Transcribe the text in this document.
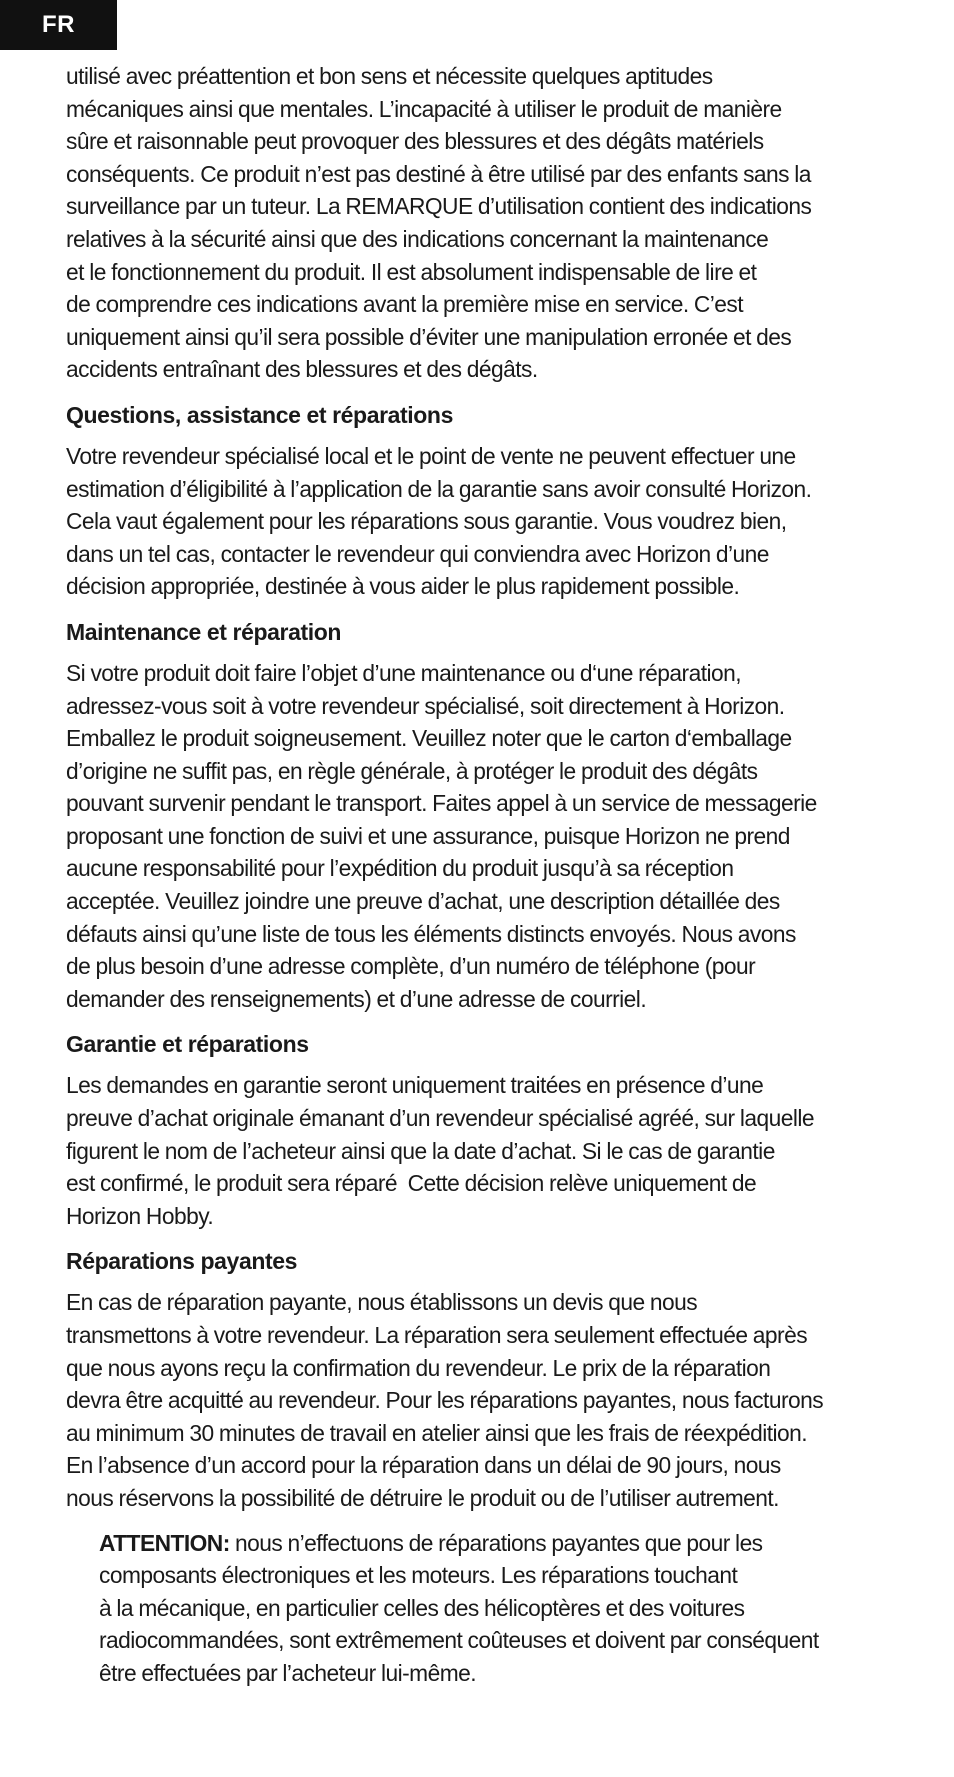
FR

utilisé avec préattention et bon sens et nécessite quelques aptitudes
mécaniques ainsi que mentales. L’incapacité à utiliser le produit de manière
sûre et raisonnable peut provoquer des blessures et des dégâts matériels
conséquents. Ce produit n’est pas destiné à être utilisé par des enfants sans la
surveillance par un tuteur. La REMARQUE d’utilisation contient des indications
relatives à la sécurité ainsi que des indications concernant la maintenance
et le fonctionnement du produit. Il est absolument indispensable de lire et
de comprendre ces indications avant la première mise en service. C’est
uniquement ainsi qu’il sera possible d’éviter une manipulation erronée et des
accidents entraînant des blessures et des dégâts.

Questions, assistance et réparations

Votre revendeur spécialisé local et le point de vente ne peuvent effectuer une
estimation d’éligibilité à l’application de la garantie sans avoir consulté Horizon.
Cela vaut également pour les réparations sous garantie. Vous voudrez bien,
dans un tel cas, contacter le revendeur qui conviendra avec Horizon d’une
décision appropriée, destinée à vous aider le plus rapidement possible.

Maintenance et réparation

Si votre produit doit faire l’objet d’une maintenance ou d‘une réparation,
adressez-vous soit à votre revendeur spécialisé, soit directement à Horizon.
Emballez le produit soigneusement. Veuillez noter que le carton d‘emballage
d’origine ne suffit pas, en règle générale, à protéger le produit des dégâts
pouvant survenir pendant le transport. Faites appel à un service de messagerie
proposant une fonction de suivi et une assurance, puisque Horizon ne prend
aucune responsabilité pour l’expédition du produit jusqu’à sa réception
acceptée. Veuillez joindre une preuve d’achat, une description détaillée des
défauts ainsi qu’une liste de tous les éléments distincts envoyés. Nous avons
de plus besoin d’une adresse complète, d’un numéro de téléphone (pour
demander des renseignements) et d’une adresse de courriel.

Garantie et réparations

Les demandes en garantie seront uniquement traitées en présence d’une
preuve d’achat originale émanant d’un revendeur spécialisé agréé, sur laquelle
figurent le nom de l’acheteur ainsi que la date d’achat. Si le cas de garantie
est confirmé, le produit sera réparé  Cette décision relève uniquement de
Horizon Hobby.

Réparations payantes

En cas de réparation payante, nous établissons un devis que nous
transmettons à votre revendeur. La réparation sera seulement effectuée après
que nous ayons reçu la confirmation du revendeur. Le prix de la réparation
devra être acquitté au revendeur. Pour les réparations payantes, nous facturons
au minimum 30 minutes de travail en atelier ainsi que les frais de réexpédition.
En l’absence d’un accord pour la réparation dans un délai de 90 jours, nous
nous réservons la possibilité de détruire le produit ou de l’utiliser autrement.

ATTENTION: nous n’effectuons de réparations payantes que pour les
composants électroniques et les moteurs. Les réparations touchant
à la mécanique, en particulier celles des hélicoptères et des voitures
radiocommandées, sont extrêmement coûteuses et doivent par conséquent
être effectuées par l’acheteur lui-même.
